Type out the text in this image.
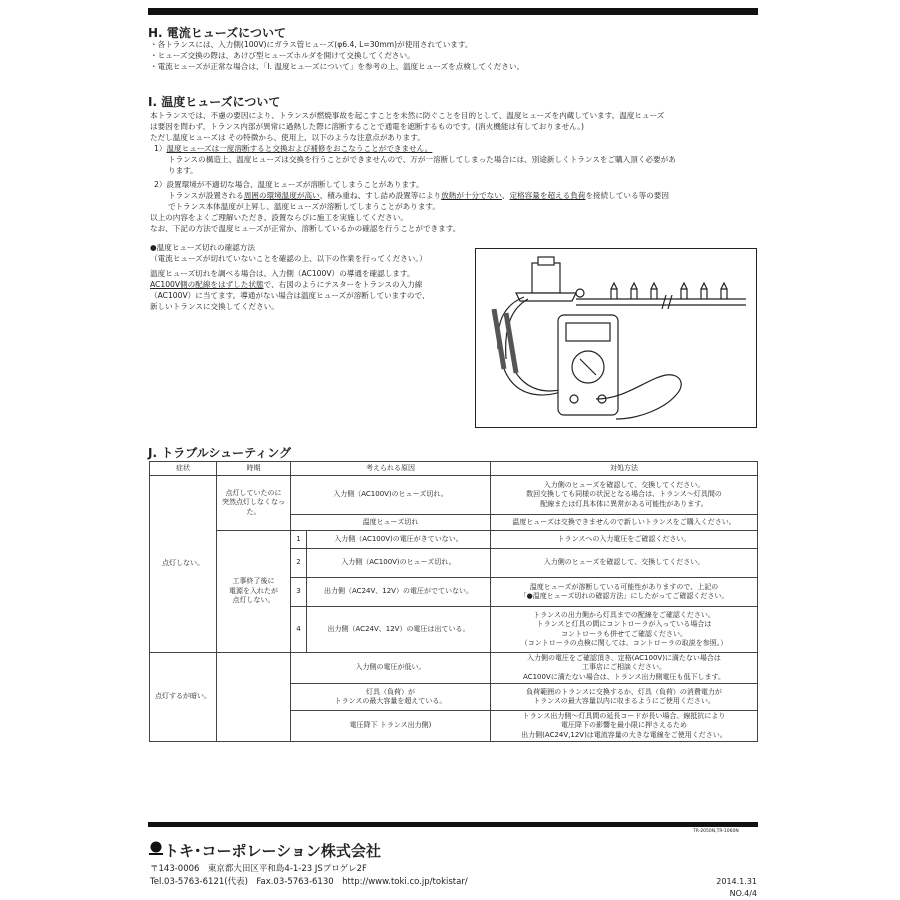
H. 電流ヒューズについて
・各トランスには、入力側(100V)にガラス管ヒューズ(φ6.4, L=30mm)が使用されています。
・ヒューズ交換の際は、あけび型ヒューズホルダを開けて交換してください。
・電流ヒューズが正常な場合は、「I. 温度ヒューズについて」を参考の上、温度ヒューズを点検してください。
I. 温度ヒューズについて
本トランスでは、不慮の要因により、トランスが燃焼事故を起こすことを未然に防ぐことを目的として、温度ヒューズを内蔵しています。温度ヒューズ
は要因を問わず、トランス内部が異常に過熱した際に溶断することで通電を遮断するものです。(消火機能は有しておりません。)
ただし温度ヒューズは その特徴から、使用上、以下のような注意点があります。
1）温度ヒューズは一度溶断すると交換および補修をおこなうことができません。
トランスの構造上、温度ヒューズは交換を行うことができませんので、万が一溶断してしまった場合には、別途新しくトランスをご購入頂く必要があ
ります。
2）設置環境が不適切な場合、温度ヒューズが溶断してしまうことがあります。
トランスが設置される周囲の環境温度が高い、積み重ね、すし詰め設置等により放熱が十分でない、定格容量を超える負荷を接続している等の要因
でトランス本体温度が上昇し、温度ヒューズが溶断してしまうことがあります。
以上の内容をよくご理解いただき、設置ならびに施工を実施してください。
なお、下記の方法で温度ヒューズが正常か、溶断しているかの確認を行うことができます。
●温度ヒューズ切れの確認方法
（電流ヒューズが切れていないことを確認の上、以下の作業を行ってください。）
温度ヒューズ切れを調べる場合は、入力側（AC100V）の導通を確認します。
AC100V側の配線をはずした状態で、右図のようにテスターをトランスの入力線
（AC100V）に当てます。導通がない場合は温度ヒューズが溶断していますので、
新しいトランスに交換してください。
J. トラブルシューティング
症状	時期	考えられる原因		対処方法
点灯しない。	点灯していたのに
突然点灯しなくなった。	入力側（AC100V)のヒューズ切れ。		入力側のヒューズを確認して、交換してください。
数回交換しても同様の状況となる場合は、トランス～灯具間の
配線または灯具本体に異常がある可能性があります。
		温度ヒューズ切れ		温度ヒューズは交換できませんので新しいトランスをご購入ください。
	工事終了後に
電源を入れたが
点灯しない。	1	入力側（AC100V)の電圧がきていない。	トランスへの入力電圧をご確認ください。
		2	入力側（AC100V)のヒューズ切れ。	入力側のヒューズを確認して、交換してください。
		3	出力側（AC24V、12V）の電圧がでていない。	温度ヒューズが溶断している可能性がありますので、上記の
「●温度ヒューズ切れの確認方法」にしたがってご確認ください。
		4	出力側（AC24V、12V）の電圧は出ている。	トランスの出力側から灯具までの配線をご確認ください。
トランスと灯具の間にコントローラが入っている場合は
コントローラも併せてご確認ください。
（コントローラの点検に関しては、コントローラの取説を参照。）

点灯するが暗い。		入力側の電圧が低い。		入力側の電圧をご確認頂き、定格(AC100V)に満たない場合は
工事店にご相談ください。
AC100Vに満たない場合は、トランス出力側電圧も低下します。
		灯具（負荷）が
トランスの最大容量を超えている。		負荷範囲のトランスに交換するか、灯具（負荷）の消費電力が
トランスの最大容量以内に収まるようにご使用ください。
		電圧降下 トランス出力側)		トランス出力側～灯具間の延長コードが長い場合、線抵抗により
電圧降下の影響を最小限に押さえるため
出力側(AC24V,12V)は電流容量の大きな電線をご使用ください。
TR-2050N,TR-1060N
トキ･コーポレーション株式会社
〒143-0006　東京都大田区平和島4-1-23 JSプロゲレ2F
Tel.03-5763-6121(代表)　Fax.03-5763-6130　http://www.toki.co.jp/tokistar/	2014.1.31
NO.4/4
